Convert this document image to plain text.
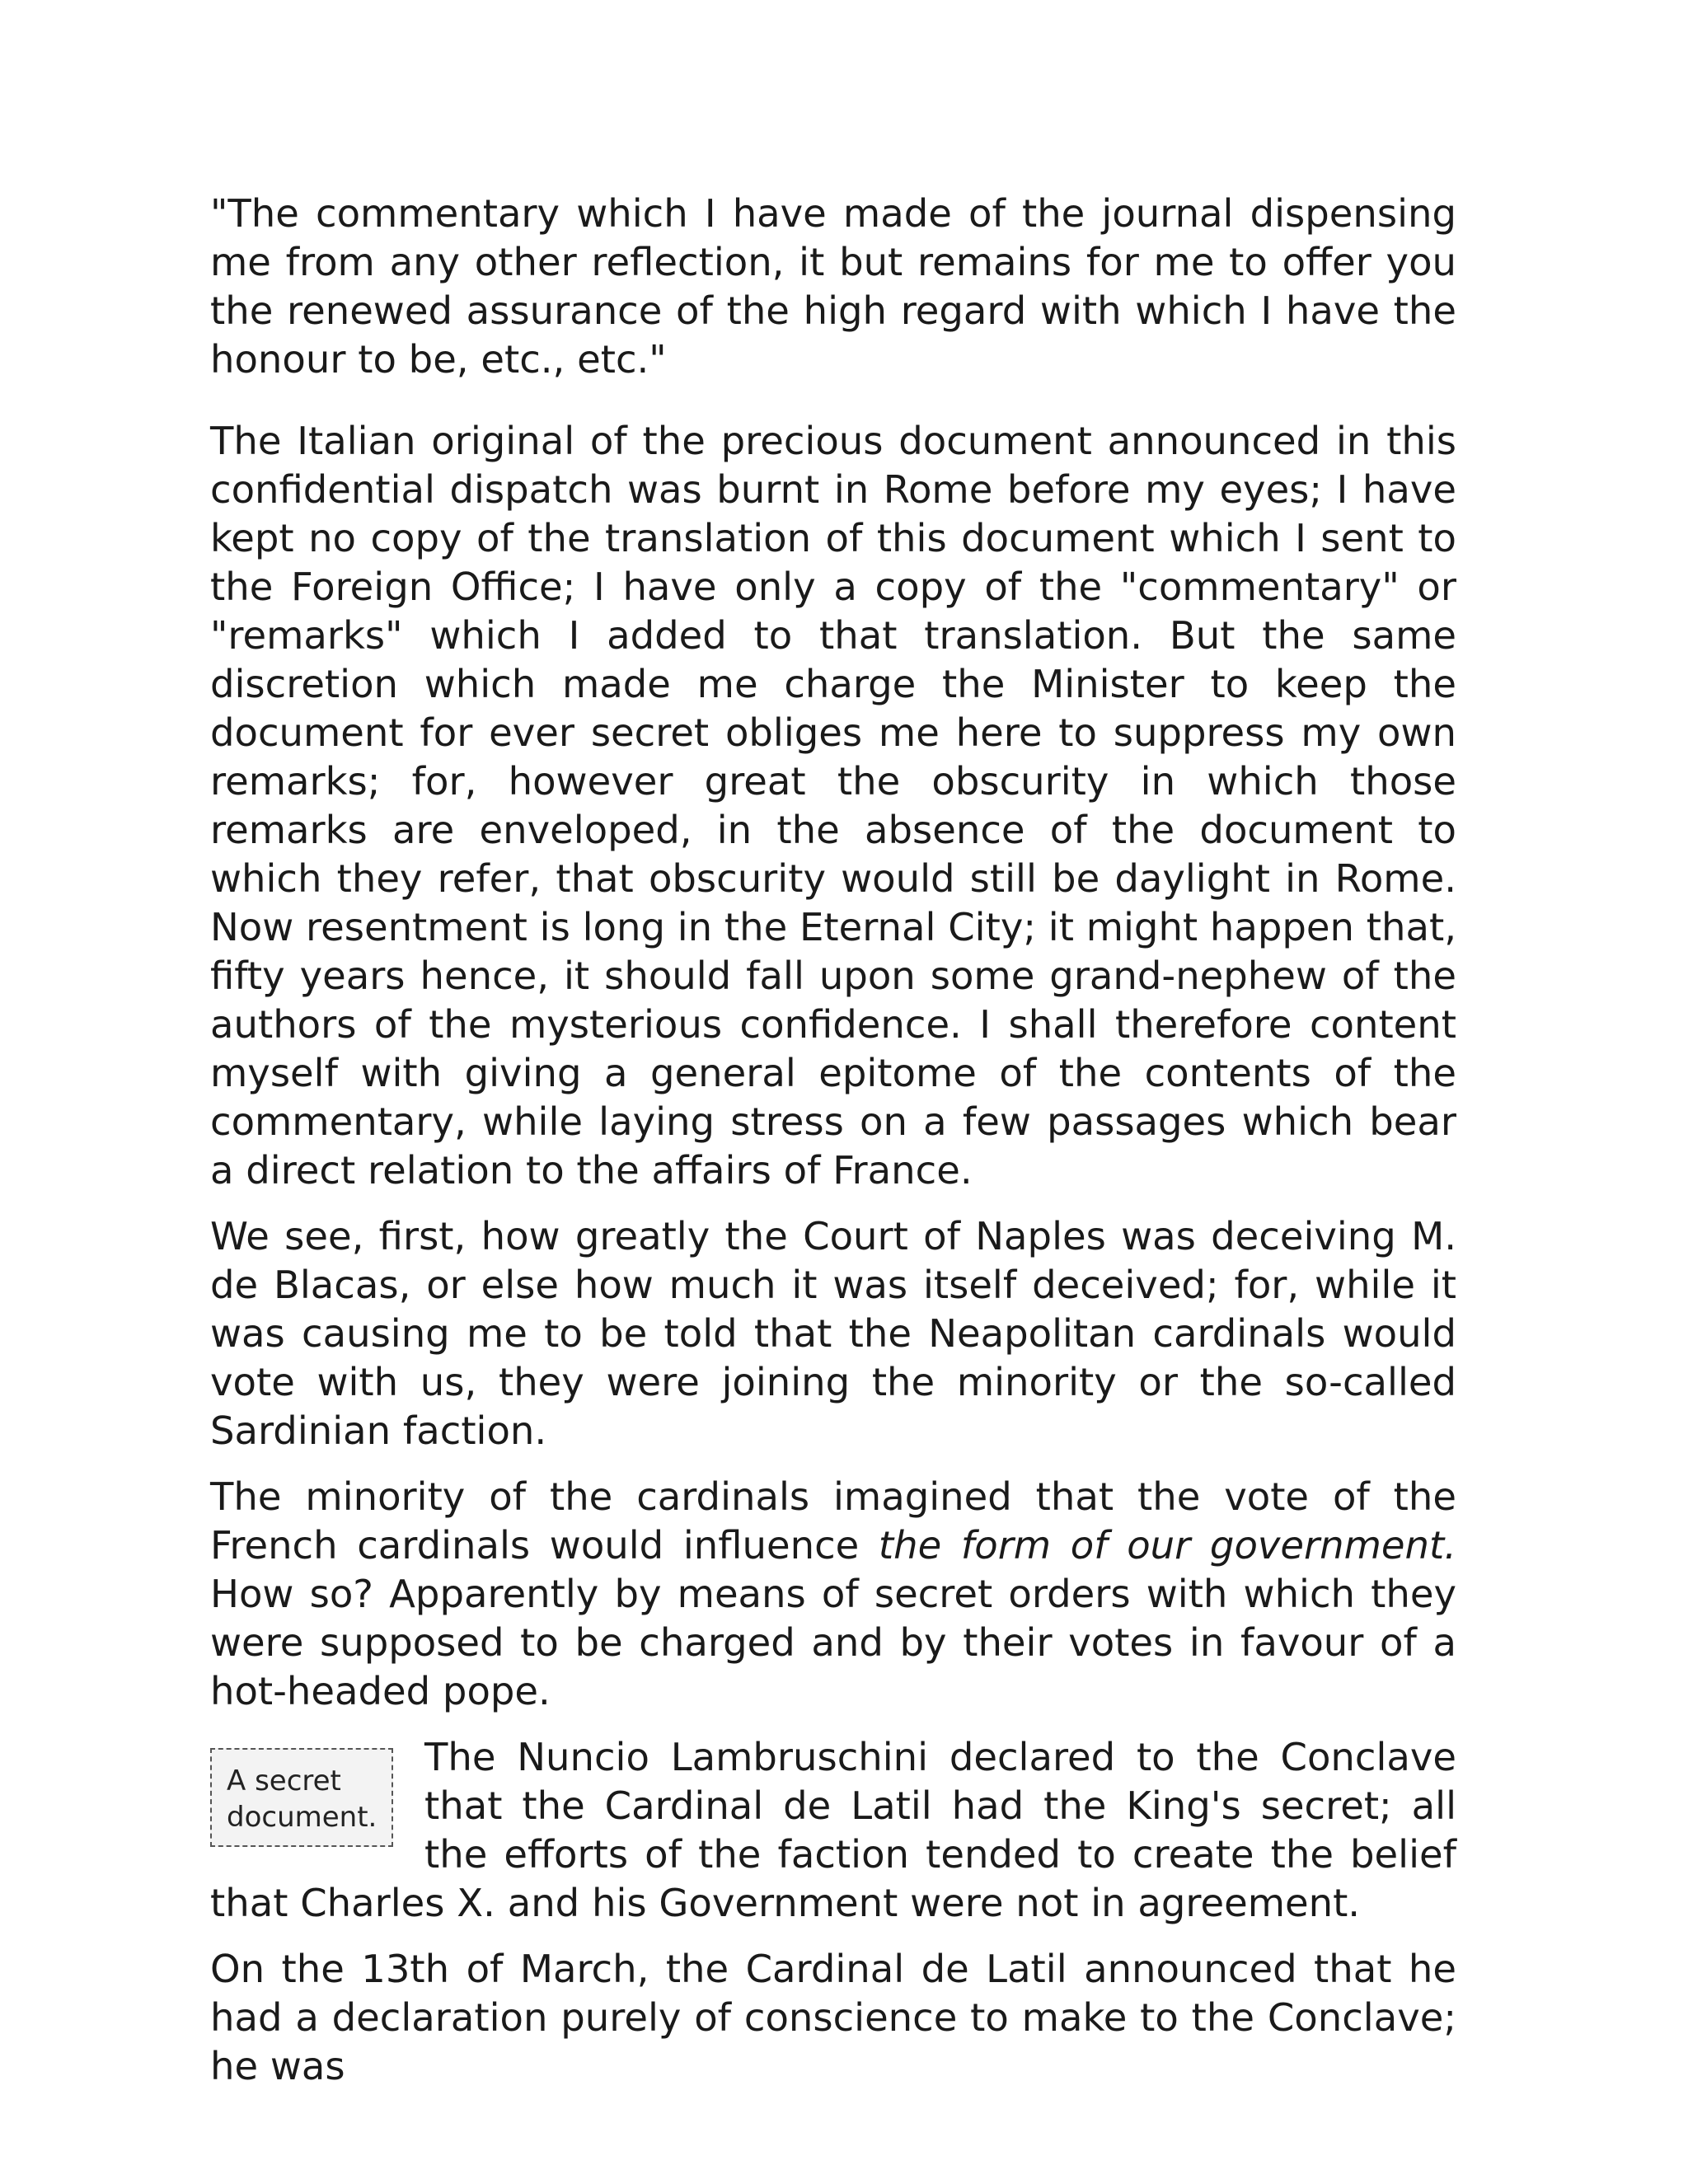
"The commentary which I have made of the journal dispensing me from any other reflection, it but remains for me to offer you the renewed assurance of the high regard with which I have the honour to be, etc., etc."

The Italian original of the precious document announced in this confidential dispatch was burnt in Rome before my eyes; I have kept no copy of the translation of this document which I sent to the Foreign Office; I have only a copy of the "commentary" or "remarks" which I added to that translation. But the same discretion which made me charge the Minister to keep the document for ever secret obliges me here to suppress my own remarks; for, however great the obscurity in which those remarks are enveloped, in the absence of the document to which they refer, that obscurity would still be daylight in Rome. Now resentment is long in the Eternal City; it might happen that, fifty years hence, it should fall upon some grand-nephew of the authors of the mysterious confidence. I shall therefore content myself with giving a general epitome of the contents of the commentary, while laying stress on a few passages which bear a direct relation to the affairs of France.

We see, first, how greatly the Court of Naples was deceiving M. de Blacas, or else how much it was itself deceived; for, while it was causing me to be told that the Neapolitan cardinals would vote with us, they were joining the minority or the so-called Sardinian faction.

The minority of the cardinals imagined that the vote of the French cardinals would influence the form of our government. How so? Apparently by means of secret orders with which they were supposed to be charged and by their votes in favour of a hot-headed pope.

A secret document.

The Nuncio Lambruschini declared to the Conclave that the Cardinal de Latil had the King's secret; all the efforts of the faction tended to create the belief that Charles X. and his Government were not in agreement.

On the 13th of March, the Cardinal de Latil announced that he had a declaration purely of conscience to make to the Conclave; he was
